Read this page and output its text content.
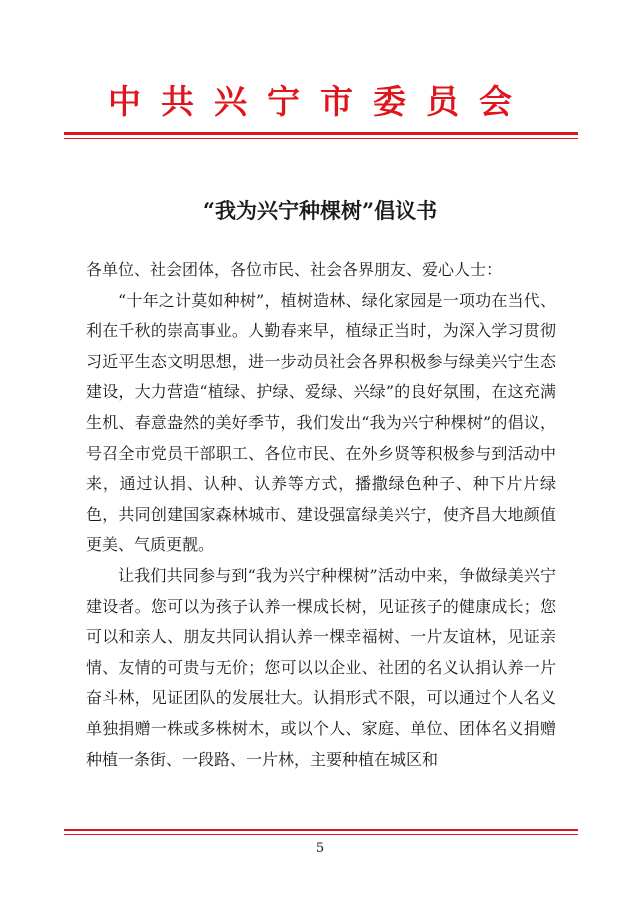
中共兴宁市委员会
“我为兴宁种棵树”倡议书

各单位、社会团体，各位市民、社会各界朋友、爱心人士：

“十年之计莫如种树”，植树造林、绿化家园是一项功在当代、利在千秋的崇高事业。人勤春来早，植绿正当时，为深入学习贯彻习近平生态文明思想，进一步动员社会各界积极参与绿美兴宁生态建设，大力营造“植绿、护绿、爱绿、兴绿”的良好氛围，在这充满生机、春意盎然的美好季节，我们发出“我为兴宁种棵树”的倡议，号召全市党员干部职工、各位市民、在外乡贤等积极参与到活动中来，通过认捐、认种、认养等方式，播撒绿色种子、种下片片绿色，共同创建国家森林城市、建设强富绿美兴宁，使齐昌大地颜值更美、气质更靓。

让我们共同参与到“我为兴宁种棵树”活动中来，争做绿美兴宁建设者。您可以为孩子认养一棵成长树，见证孩子的健康成长；您可以和亲人、朋友共同认捐认养一棵幸福树、一片友谊林，见证亲情、友情的可贵与无价；您可以以企业、社团的名义认捐认养一片奋斗林，见证团队的发展壮大。认捐形式不限，可以通过个人名义单独捐赠一株或多株树木，或以个人、家庭、单位、团体名义捐赠种植一条街、一段路、一片林，主要种植在城区和

5
